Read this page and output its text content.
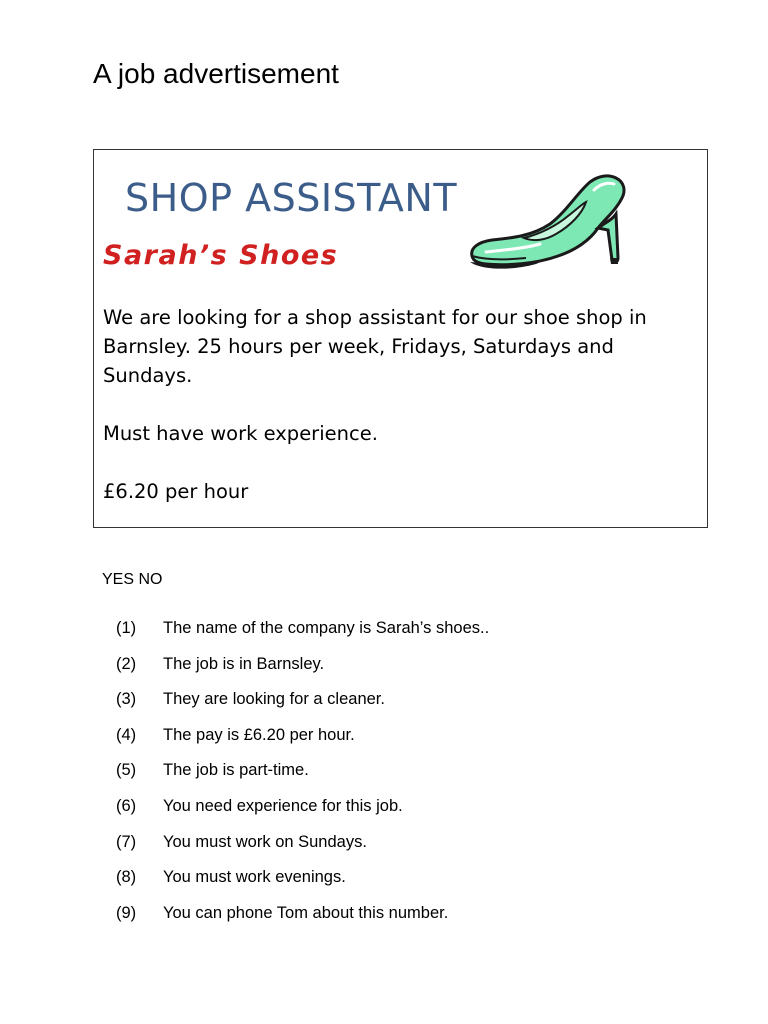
A job advertisement
SHOP ASSISTANT
Sarah’s Shoes

We are looking for a shop assistant for our shoe shop in Barnsley. 25 hours per week, Fridays, Saturdays and Sundays.

Must have work experience.

£6.20 per hour

YES NO
(1)	The name of the company is Sarah’s shoes..
(2)	The job is in Barnsley.
(3)	They are looking for a cleaner.
(4)	The pay is £6.20 per hour.
(5)	The job is part-time.
(6)	You need experience for this job.
(7)	You must work on Sundays.
(8)	You must work evenings.
(9)	You can phone Tom about this number.
